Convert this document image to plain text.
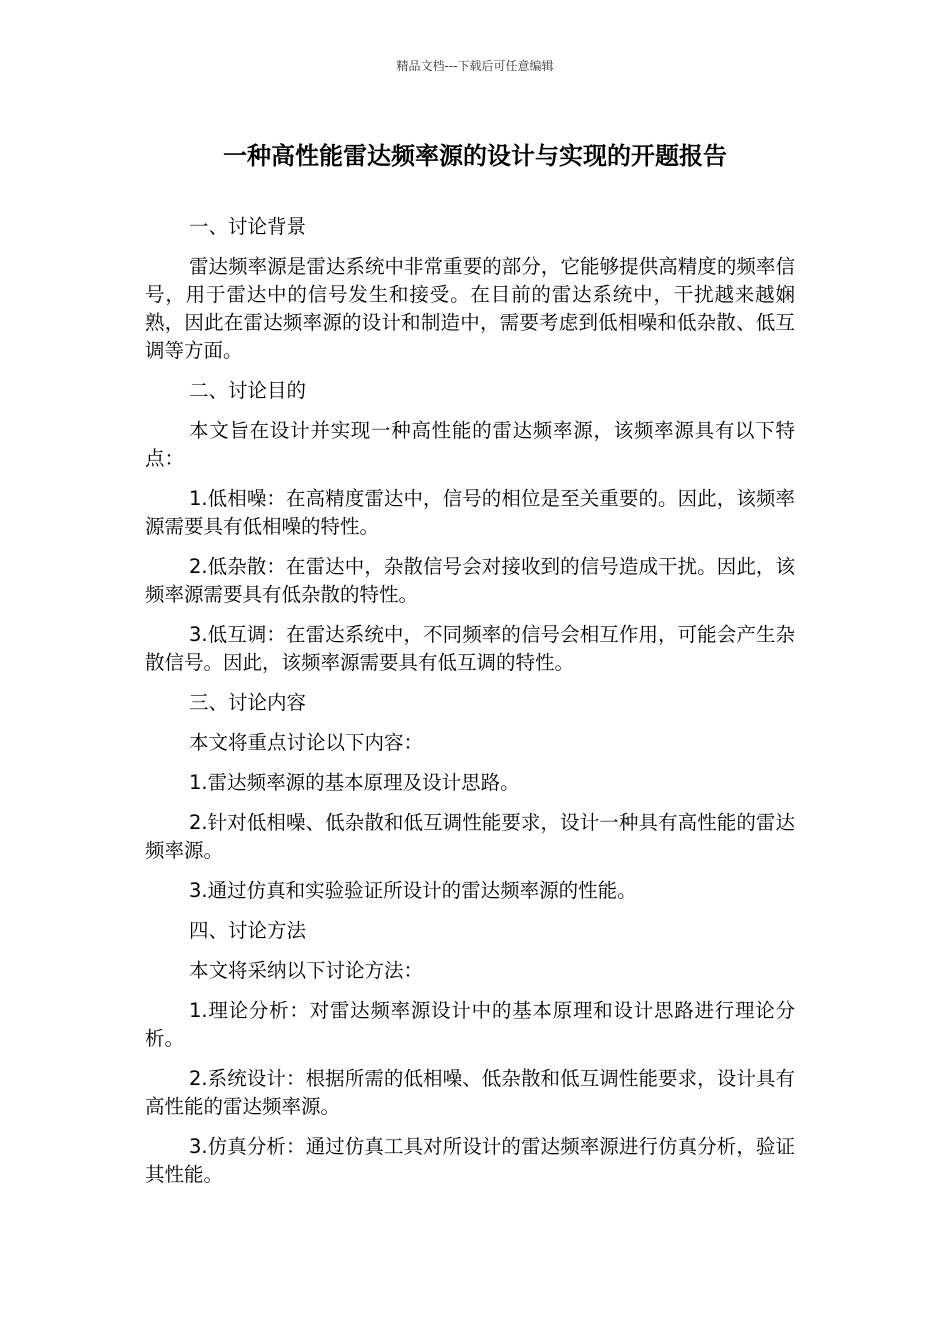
精品文档---下载后可任意编辑
一种高性能雷达频率源的设计与实现的开题报告

一、讨论背景

雷达频率源是雷达系统中非常重要的部分，它能够提供高精度的频率信号，用于雷达中的信号发生和接受。在目前的雷达系统中，干扰越来越娴熟，因此在雷达频率源的设计和制造中，需要考虑到低相噪和低杂散、低互调等方面。

二、讨论目的

本文旨在设计并实现一种高性能的雷达频率源，该频率源具有以下特点：

1.低相噪：在高精度雷达中，信号的相位是至关重要的。因此，该频率源需要具有低相噪的特性。

2.低杂散：在雷达中，杂散信号会对接收到的信号造成干扰。因此，该频率源需要具有低杂散的特性。

3.低互调：在雷达系统中，不同频率的信号会相互作用，可能会产生杂散信号。因此，该频率源需要具有低互调的特性。

三、讨论内容

本文将重点讨论以下内容：

1.雷达频率源的基本原理及设计思路。

2.针对低相噪、低杂散和低互调性能要求，设计一种具有高性能的雷达频率源。

3.通过仿真和实验验证所设计的雷达频率源的性能。

四、讨论方法

本文将采纳以下讨论方法：

1.理论分析：对雷达频率源设计中的基本原理和设计思路进行理论分析。

2.系统设计：根据所需的低相噪、低杂散和低互调性能要求，设计具有高性能的雷达频率源。

3.仿真分析：通过仿真工具对所设计的雷达频率源进行仿真分析，验证其性能。
